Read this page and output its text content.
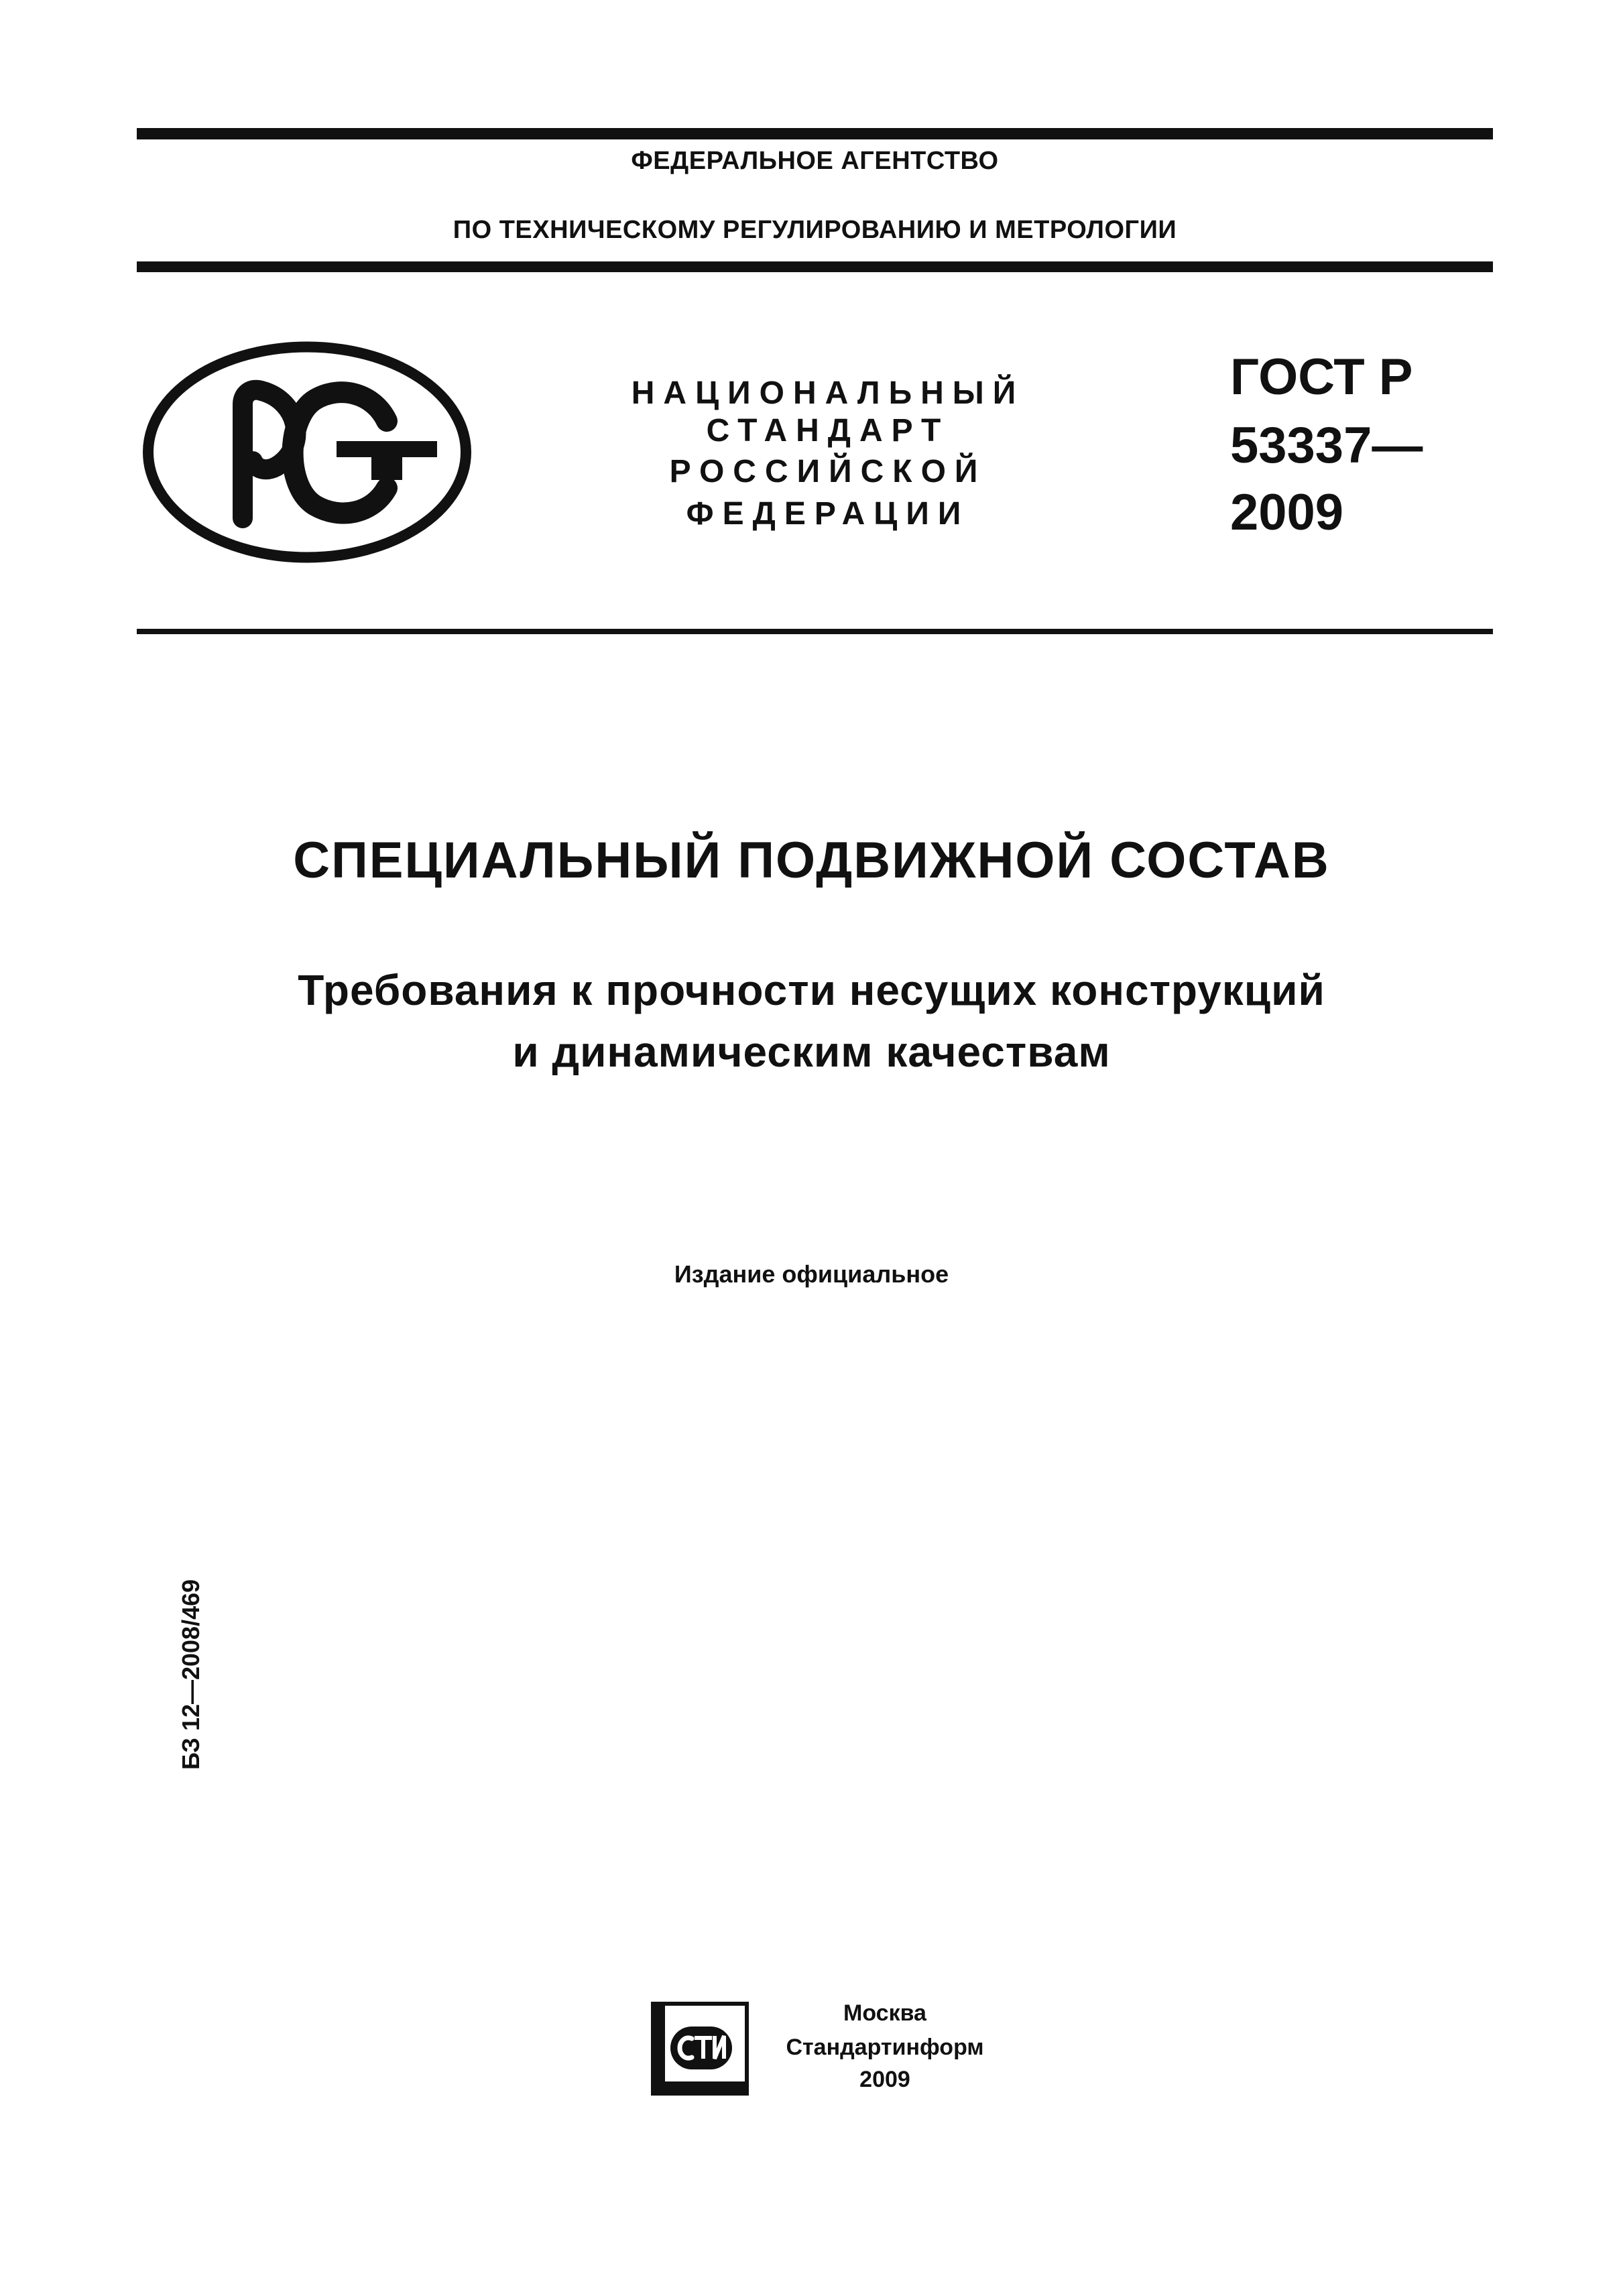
ФЕДЕРАЛЬНОЕ АГЕНТСТВО
ПО ТЕХНИЧЕСКОМУ РЕГУЛИРОВАНИЮ И МЕТРОЛОГИИ
НАЦИОНАЛЬНЫЙ
СТАНДАРТ
РОССИЙСКОЙ
ФЕДЕРАЦИИ
ГОСТ Р
53337—
2009
СПЕЦИАЛЬНЫЙ ПОДВИЖНОЙ СОСТАВ
Требования к прочности несущих конструкций
и динамическим качествам
Издание официальное
БЗ 12—2008/469
Москва
Стандартинформ
2009
